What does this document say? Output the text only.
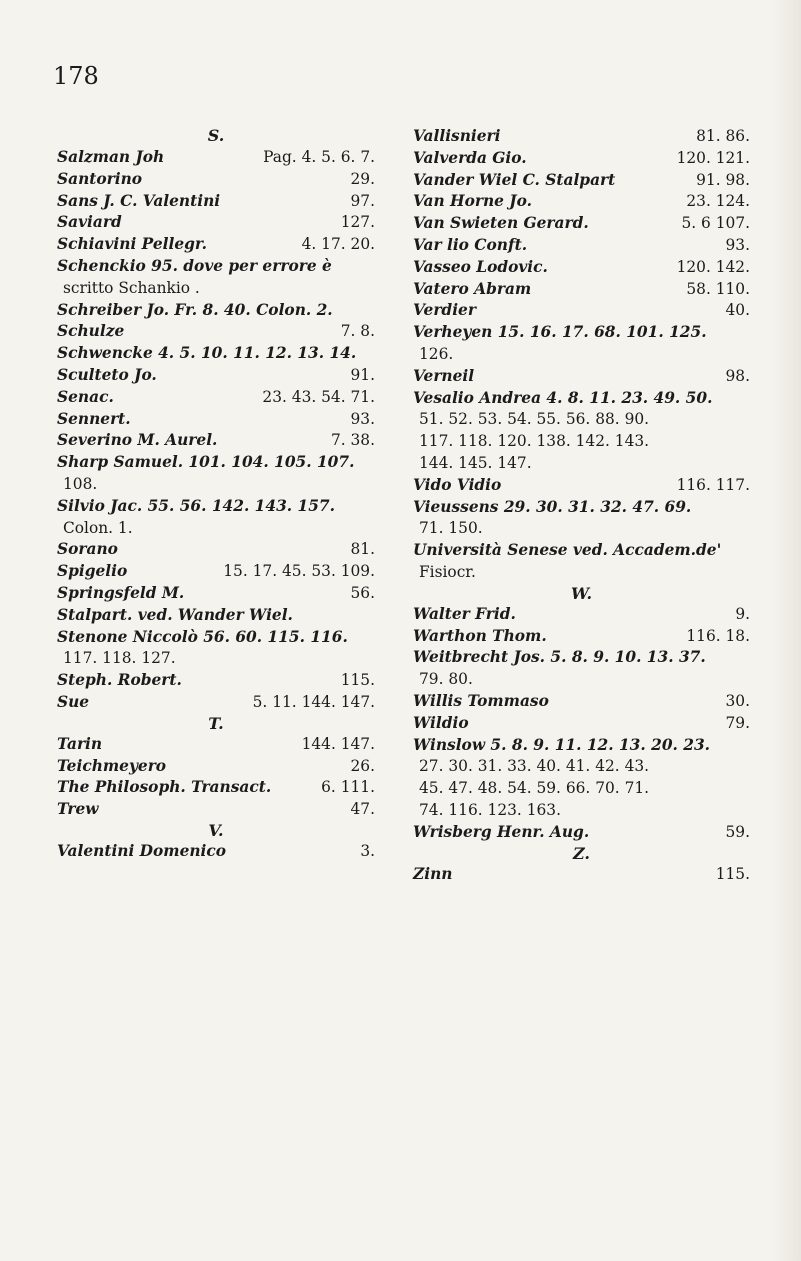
178
S.
Salzman Joh	Pag. 4. 5. 6. 7.
Santorino	29.
Sans J. C. Valentini	97.
Saviard	127.
Schiavini Pellegr.	4. 17. 20.
Schenckio 95. dove per errore è
scritto Schankio .
Schreiber Jo. Fr. 8. 40. Colon. 2.
Schulze	7. 8.
Schwencke 4. 5. 10. 11. 12. 13. 14.
Sculteto Jo.	91.
Senac.	23. 43. 54. 71.
Sennert.	93.
Severino M. Aurel.	7. 38.
Sharp Samuel. 101. 104. 105. 107.
108.
Silvio Jac. 55. 56. 142. 143. 157.
Colon. 1.
Sorano	81.
Spigelio	15. 17. 45. 53. 109.
Springsfeld M.	56.
Stalpart. ved. Wander Wiel.
Stenone Niccolò 56. 60. 115. 116.
117. 118. 127.
Steph. Robert.	115.
Sue	5. 11. 144. 147.
T.
Tarin	144. 147.
Teichmeyero	26.
The Philosoph. Transact.	6. 111.
Trew	47.
V.
Valentini Domenico	3.
Vallisnieri	81. 86.
Valverda Gio.	120. 121.
Vander Wiel C. Stalpart	91. 98.
Van Horne Jo.	23. 124.
Van Swieten Gerard.	5. 6 107.
Var lio Conft.	93.
Vasseo Lodovic.	120. 142.
Vatero Abram	58. 110.
Verdier	40.
Verheyen 15. 16. 17. 68. 101. 125.
126.
Verneil	98.
Vesalio Andrea 4. 8. 11. 23. 49. 50.
51. 52. 53. 54. 55. 56. 88. 90.
117. 118. 120. 138. 142. 143.
144. 145. 147.
Vido Vidio	116. 117.
Vieussens 29. 30. 31. 32. 47. 69.
71. 150.
Università Senese ved. Accadem.de'
Fisiocr.
W.
Walter Frid.	9.
Warthon Thom.	116. 18.
Weitbrecht Jos. 5. 8. 9. 10. 13. 37.
79. 80.
Willis Tommaso	30.
Wildio	79.
Winslow 5. 8. 9. 11. 12. 13. 20. 23.
27. 30. 31. 33. 40. 41. 42. 43.
45. 47. 48. 54. 59. 66. 70. 71.
74. 116. 123. 163.
Wrisberg Henr. Aug.	59.
Z.
Zinn	115.
